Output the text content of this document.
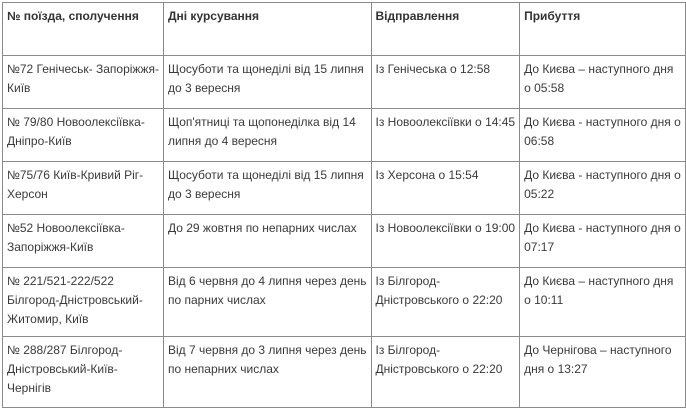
№ поїзда, сполучення	Дні курсування	Відправлення	Прибуття

№72 Генічеськ- Запоріжжя-
Київ	Щосуботи та щонеділі від 15 липня
до 3 вересня	Із Генічеська о 12:58	До Києва – наступного дня
о 05:58

№ 79/80 Новоолексіївка-
Дніпро-Київ	Щоп'ятниці та щопонеділка від 14
липня до 4 вересня	Із Новоолексіївки о 14:45	До Києва - наступного дня о
06:58

№75/76 Київ-Кривий Ріг-
Херсон	Щосуботи та щонеділі від 15 липня
до 3 вересня	Із Херсона о 15:54	До Києва - наступного дня о
05:22

№52 Новоолексіївка-
Запоріжжя-Київ	До 29 жовтня по непарних числах	Із Новоолексіївки о 19:00	До Києва - наступного дня о
07:17

№ 221/521-222/522
Білгород-Дністровський-
Житомир, Київ	Від 6 червня до 4 липня через день
по парних числах	Із Білгород-
Дністровського о 22:20	До Києва – наступного дня
о 10:11

№ 288/287 Білгород-
Дністровський-Київ-
Чернігів	Від 7 червня до 3 липня через день
по непарних числах	Із Білгород-
Дністровського о 22:20	До Чернігова – наступного
дня о 13:27
